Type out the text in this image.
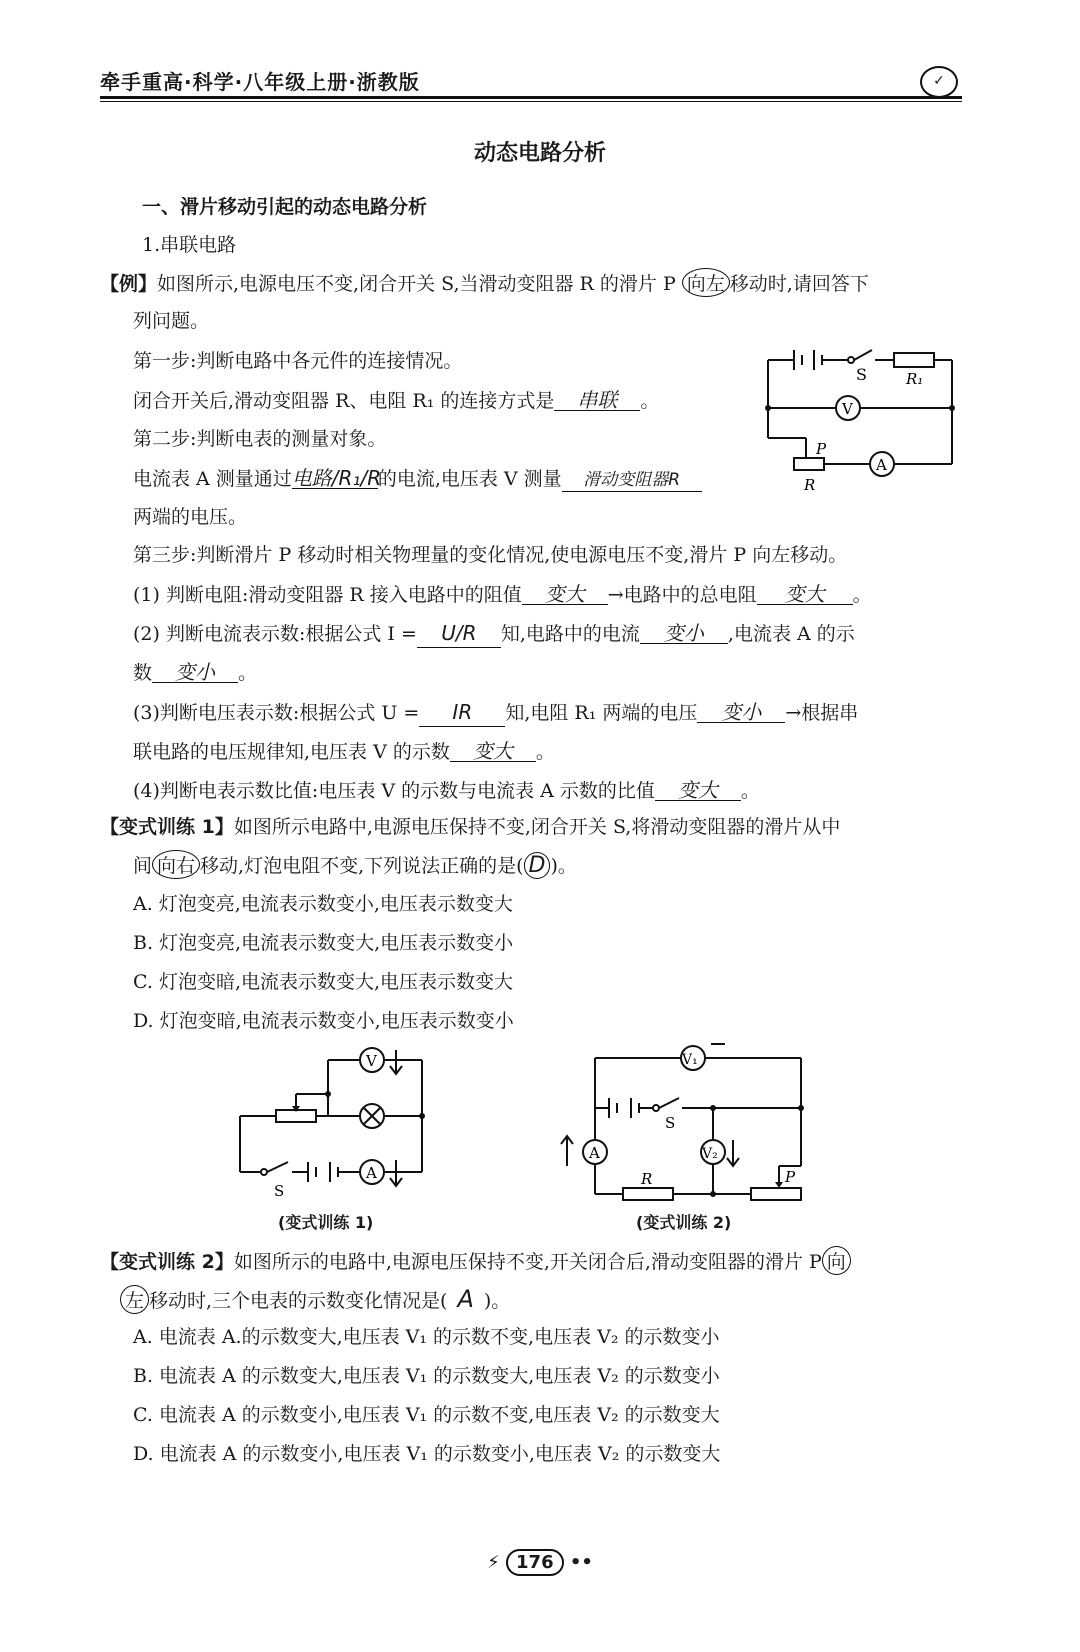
牵手重高·科学·八年级上册·浙教版	✓
动态电路分析
一、滑片移动引起的动态电路分析
1.串联电路
【例】如图所示,电源电压不变,闭合开关 S,当滑动变阻器 R 的滑片 P 向左 移动时,请回答下
列问题。
第一步:判断电路中各元件的连接情况。
闭合开关后,滑动变阻器 R、电阻 R₁ 的连接方式是 串联 。
第二步:判断电表的测量对象。
电流表 A 测量通过电路/R₁/R的电流,电压表 V 测量 滑动变阻器R
两端的电压。
第三步:判断滑片 P 移动时相关物理量的变化情况,使电源电压不变,滑片 P 向左移动。
(1) 判断电阻:滑动变阻器 R 接入电路中的阻值 变大 →电路中的总电阻 变大 。
(2) 判断电流表示数:根据公式 I = U/R 知,电路中的电流 变小 ,电流表 A 的示
数 变小 。
(3)判断电压表示数:根据公式 U = IR 知,电阻 R₁ 两端的电压 变小 →根据串
联电路的电压规律知,电压表 V 的示数 变大 。
(4)判断电表示数比值:电压表 V 的示数与电流表 A 示数的比值 变大 。
S	R₁
V
P
R
A
【变式训练 1】如图所示电路中,电源电压保持不变,闭合开关 S,将滑动变阻器的滑片从中
间 向右 移动,灯泡电阻不变,下列说法正确的是( D )。
A. 灯泡变亮,电流表示数变小,电压表示数变大
B. 灯泡变亮,电流表示数变大,电压表示数变小
C. 灯泡变暗,电流表示数变大,电压表示数变大
D. 灯泡变暗,电流表示数变小,电压表示数变小
V
A
S
(变式训练 1)
V₁
V₂
A
S
R	P
(变式训练 2)
【变式训练 2】如图所示的电路中,电源电压保持不变,开关闭合后,滑动变阻器的滑片 P 向
左 移动时,三个电表的示数变化情况是( A )。
A. 电流表 A.的示数变大,电压表 V₁ 的示数不变,电压表 V₂ 的示数变小
B. 电流表 A 的示数变大,电压表 V₁ 的示数变大,电压表 V₂ 的示数变小
C. 电流表 A 的示数变小,电压表 V₁ 的示数不变,电压表 V₂ 的示数变大
D. 电流表 A 的示数变小,电压表 V₁ 的示数变小,电压表 V₂ 的示数变大
⚡ 176 ••
